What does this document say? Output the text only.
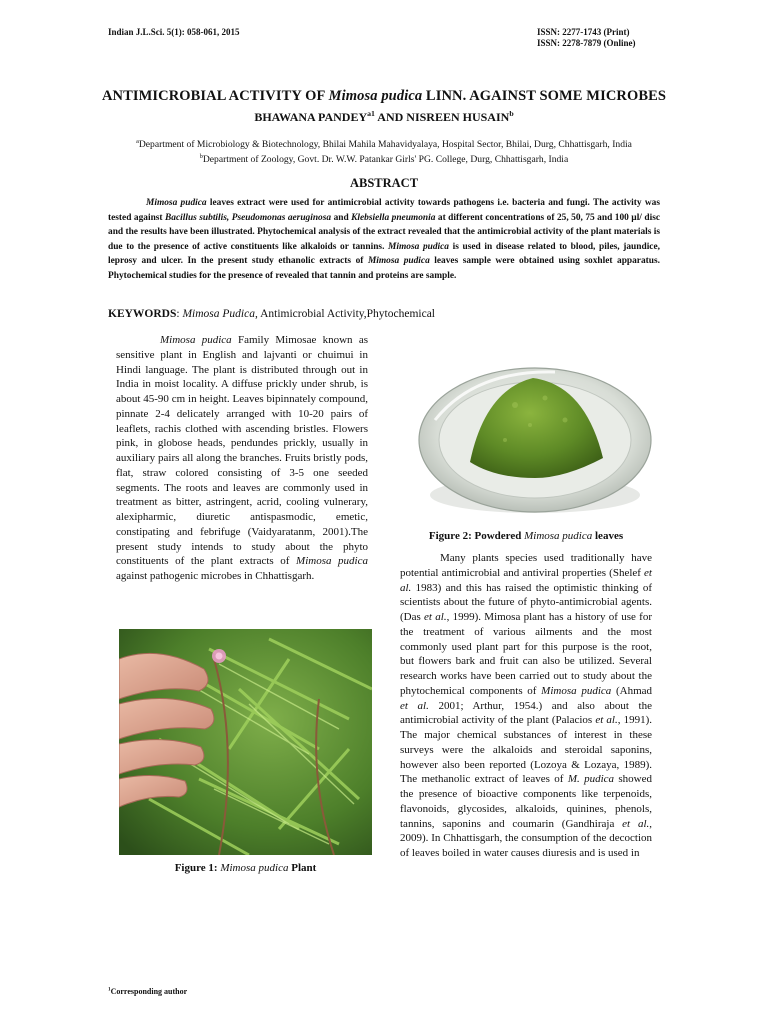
Indian J.L.Sci. 5(1): 058-061, 2015	ISSN: 2277-1743 (Print)
ISSN: 2278-7879 (Online)
ANTIMICROBIAL ACTIVITY OF Mimosa pudica LINN. AGAINST SOME MICROBES
BHAWANA $PANDEY^{a1}$ AND NISREEN HUSAIN$^b$
$^a$Department of Microbiology & Biotechnology, Bhilai Mahila Mahavidyalaya, Hospital Sector, Bhilai, Durg, Chhattisgarh, India
$^b$Department of Zoology, Govt. Dr. W.W. Patankar Girls' PG. College, Durg, Chhattisgarh, India
ABSTRACT

Mimosa pudica leaves extract were used for antimicrobial activity towards pathogens i.e. bacteria and fungi. The activity was tested against Bacillus subtilis, Pseudomonas aeruginosa and Klebsiella pneumonia at different concentrations of 25, 50, 75 and 100 µl/ disc and the results have been illustrated. Phytochemical analysis of the extract revealed that the antimicrobial activity of the plant materials is due to the presence of active constituents like alkaloids or tannins. Mimosa pudica is used in disease related to blood, piles, jaundice, leprosy and ulcer. In the present study ethanolic extracts of Mimosa pudica leaves sample were obtained using soxhlet apparatus. Phytochemical studies for the presence of revealed that tannin and proteins are sample.

KEYWORDS: Mimosa Pudica, Antimicrobial Activity,Phytochemical

Mimosa pudica Family Mimosae known as sensitive plant in English and lajvanti or chuimui in Hindi language. The plant is distributed through out in India in moist locality. A diffuse prickly under shrub, is about 45-90 cm in height. Leaves bipinnately compound, pinnate 2-4 delicately arranged with 10-20 pairs of leaflets, rachis clothed with ascending bristles. Flowers pink, in globose heads, pendundes prickly, usually in auxiliary pairs all along the branches. Fruits bristly pods, flat, straw colored consisting of 3-5 one seeded segments. The roots and leaves are commonly used in treatment as bitter, astringent, acrid, cooling vulnerary, alexipharmic, diuretic antispasmodic, emetic, constipating and febrifuge (Vaidyaratanm, 2001).The present study intends to study about the phyto constituents of the plant extracts of Mimosa pudica against pathogenic microbes in Chhattisgarh.

Figure 1: Mimosa pudica Plant
Figure 2: Powdered Mimosa pudica leaves

Many plants species used traditionally have potential antimicrobial and antiviral properties (Shelef et al. 1983) and this has raised the optimistic thinking of scientists about the future of phyto-antimicrobial agents. (Das et al., 1999). Mimosa plant has a history of use for the treatment of various ailments and the most commonly used plant part for this purpose is the root, but flowers bark and fruit can also be utilized. Several research works have been carried out to study about the phytochemical components of Mimosa pudica (Ahmad et al. 2001; Arthur, 1954.) and also about the antimicrobial activity of the plant (Palacios et al., 1991). The major chemical substances of interest in these surveys were the alkaloids and steroidal saponins, however also been reported (Lozoya & Lozaya, 1989). The methanolic extract of leaves of M. pudica showed the presence of bioactive components like terpenoids, flavonoids, glycosides, alkaloids, quinines, phenols, tannins, saponins and coumarin (Gandhiraja et al., 2009). In Chhattisgarh, the consumption of the decoction of leaves boiled in water causes diuresis and is used in

$^1$Corresponding author
